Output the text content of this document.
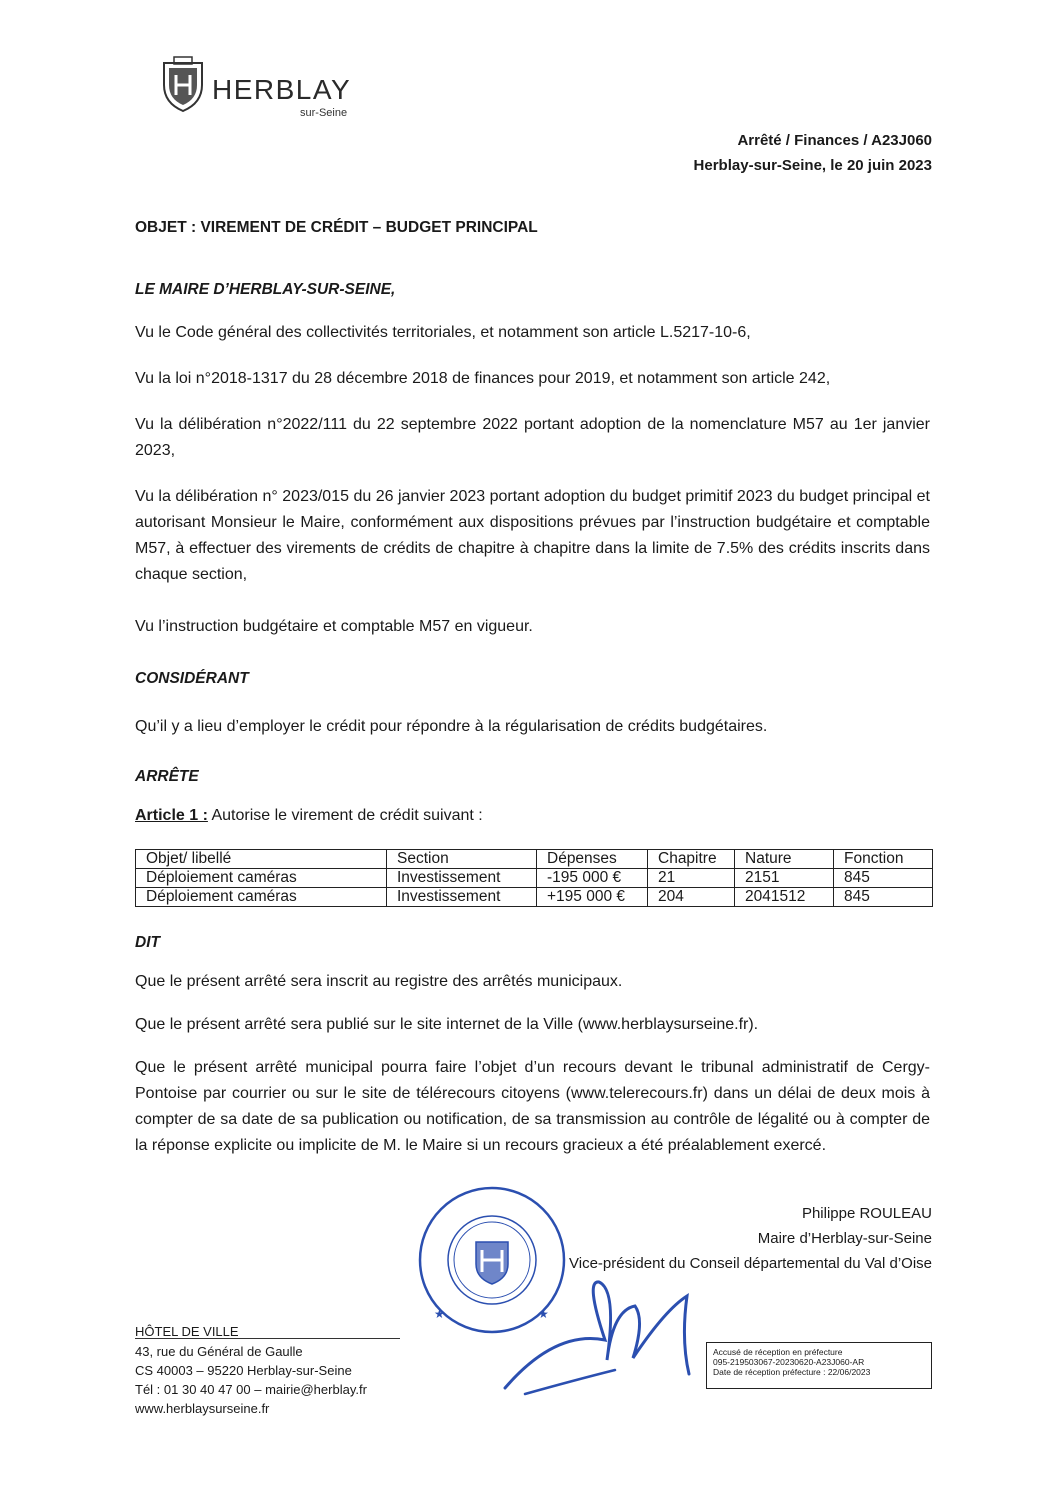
HERBLAY
sur-Seine
Arrêté / Finances / A23J060
Herblay-sur-Seine, le 20 juin 2023
OBJET : VIREMENT DE CRÉDIT – BUDGET PRINCIPAL
LE MAIRE D’HERBLAY-SUR-SEINE,
Vu le Code général des collectivités territoriales, et notamment son article L.5217-10-6,
Vu la loi n°2018-1317 du 28 décembre 2018 de finances pour 2019, et notamment son article 242,
Vu la délibération n°2022/111 du 22 septembre 2022 portant adoption de la nomenclature M57 au 1er janvier 2023,
Vu la délibération n° 2023/015 du 26 janvier 2023 portant adoption du budget primitif 2023 du budget principal et autorisant Monsieur le Maire, conformément aux dispositions prévues par l’instruction budgétaire et comptable M57, à effectuer des virements de crédits de chapitre à chapitre dans la limite de 7.5% des crédits inscrits dans chaque section,
Vu l’instruction budgétaire et comptable M57 en vigueur.
CONSIDÉRANT
Qu’il y a lieu d’employer le crédit pour répondre à la régularisation de crédits budgétaires.
ARRÊTE
Article 1 : Autorise le virement de crédit suivant :
Objet/ libellé	Section	Dépenses	Chapitre	Nature	Fonction
Déploiement caméras	Investissement	-195 000 €	21	2151	845
Déploiement caméras	Investissement	+195 000 €	204	2041512	845
DIT
Que le présent arrêté sera inscrit au registre des arrêtés municipaux.
Que le présent arrêté sera publié sur le site internet de la Ville (www.herblaysurseine.fr).
Que le présent arrêté municipal pourra faire l’objet d’un recours devant le tribunal administratif de Cergy-Pontoise par courrier ou sur le site de télérecours citoyens (www.telerecours.fr) dans un délai de deux mois à compter de sa date de sa publication ou notification, de sa transmission au contrôle de légalité ou à compter de la réponse explicite ou implicite de M. le Maire si un recours gracieux a été préalablement exercé.
★	★
Philippe ROULEAU
Maire d’Herblay-sur-Seine
Vice-président du Conseil départemental du Val d’Oise
HÔTEL DE VILLE
43, rue du Général de Gaulle
CS 40003 – 95220 Herblay-sur-Seine
Tél : 01 30 40 47 00 – mairie@herblay.fr
www.herblaysurseine.fr
Accusé de réception en préfecture
095-219503067-20230620-A23J060-AR
Date de réception préfecture : 22/06/2023
